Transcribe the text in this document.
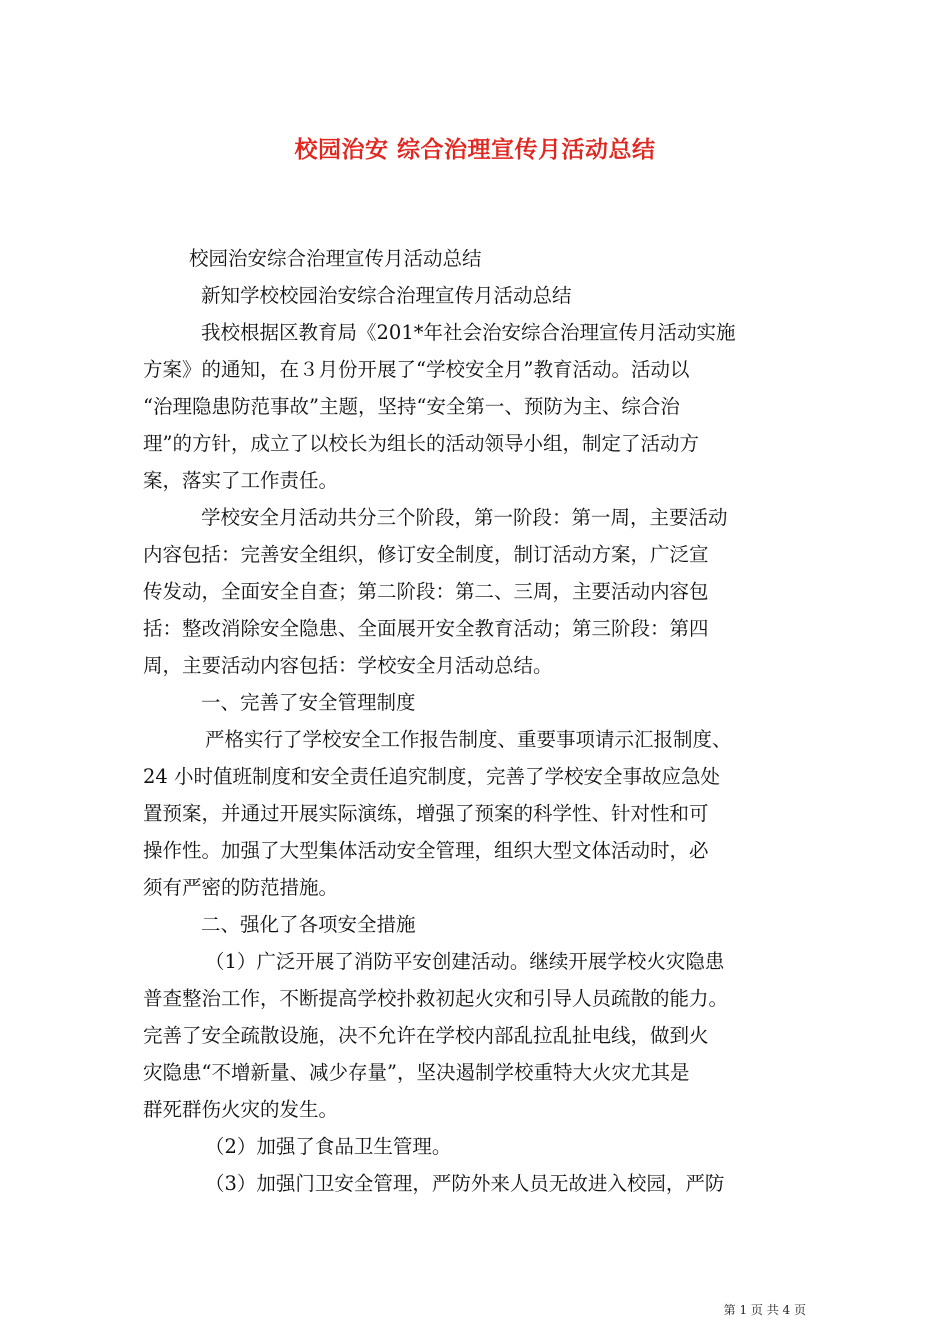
校园治安 综合治理宣传月活动总结

校园治安综合治理宣传月活动总结

新知学校校园治安综合治理宣传月活动总结

我校根据区教育局《201*年社会治安综合治理宣传月活动实施

方案》的通知，在３月份开展了“学校安全月”教育活动。活动以

“治理隐患防范事故”主题，坚持“安全第一、预防为主、综合治

理”的方针，成立了以校长为组长的活动领导小组，制定了活动方

案，落实了工作责任。

学校安全月活动共分三个阶段，第一阶段：第一周，主要活动

内容包括：完善安全组织，修订安全制度，制订活动方案，广泛宣

传发动，全面安全自查；第二阶段：第二、三周，主要活动内容包

括：整改消除安全隐患、全面展开安全教育活动；第三阶段：第四

周，主要活动内容包括：学校安全月活动总结。

一、完善了安全管理制度

严格实行了学校安全工作报告制度、重要事项请示汇报制度、

24 小时值班制度和安全责任追究制度，完善了学校安全事故应急处

置预案，并通过开展实际演练，增强了预案的科学性、针对性和可

操作性。加强了大型集体活动安全管理，组织大型文体活动时，必

须有严密的防范措施。

二、强化了各项安全措施

（1）广泛开展了消防平安创建活动。继续开展学校火灾隐患

普查整治工作，不断提高学校扑救初起火灾和引导人员疏散的能力。

完善了安全疏散设施，决不允许在学校内部乱拉乱扯电线，做到火

灾隐患“不增新量、减少存量”，坚决遏制学校重特大火灾尤其是

群死群伤火灾的发生。

（2）加强了食品卫生管理。

（3）加强门卫安全管理，严防外来人员无故进入校园，严防

第 1 页 共 4 页
